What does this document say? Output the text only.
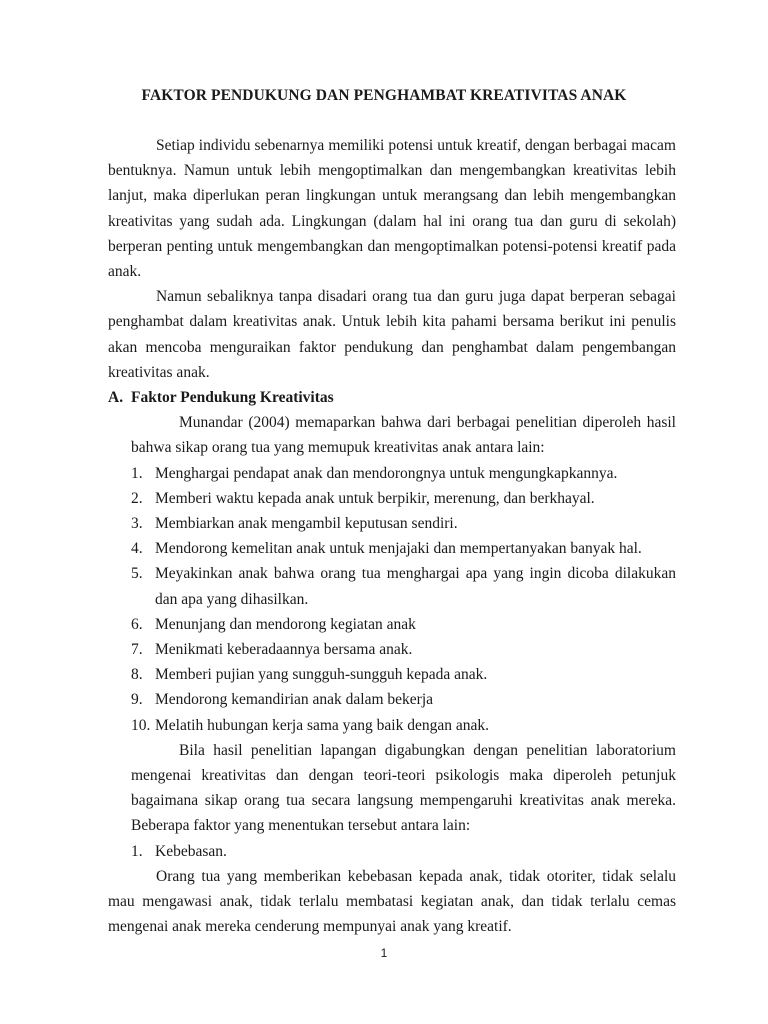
FAKTOR PENDUKUNG DAN PENGHAMBAT KREATIVITAS ANAK

Setiap individu sebenarnya memiliki potensi untuk kreatif, dengan berbagai macam bentuknya. Namun untuk lebih mengoptimalkan dan mengembangkan kreativitas lebih lanjut, maka diperlukan peran lingkungan untuk merangsang dan lebih mengembangkan kreativitas yang sudah ada. Lingkungan (dalam hal ini orang tua dan guru di sekolah) berperan penting untuk mengembangkan dan mengoptimalkan potensi-potensi kreatif pada anak.

Namun sebaliknya tanpa disadari orang tua dan guru juga dapat berperan sebagai penghambat dalam kreativitas anak. Untuk lebih kita pahami bersama berikut ini penulis akan mencoba menguraikan faktor pendukung dan penghambat dalam pengembangan kreativitas anak.

A. Faktor Pendukung Kreativitas

Munandar (2004) memaparkan bahwa dari berbagai penelitian diperoleh hasil bahwa sikap orang tua yang memupuk kreativitas anak antara lain:

1. Menghargai pendapat anak dan mendorongnya untuk mengungkapkannya.
2. Memberi waktu kepada anak untuk berpikir, merenung, dan berkhayal.
3. Membiarkan anak mengambil keputusan sendiri.
4. Mendorong kemelitan anak untuk menjajaki dan mempertanyakan banyak hal.
5. Meyakinkan anak bahwa orang tua menghargai apa yang ingin dicoba dilakukan dan apa yang dihasilkan.
6. Menunjang dan mendorong kegiatan anak
7. Menikmati keberadaannya bersama anak.
8. Memberi pujian yang sungguh-sungguh kepada anak.
9. Mendorong kemandirian anak dalam bekerja
10. Melatih hubungan kerja sama yang baik dengan anak.

Bila hasil penelitian lapangan digabungkan dengan penelitian laboratorium mengenai kreativitas dan dengan teori-teori psikologis maka diperoleh petunjuk bagaimana sikap orang tua secara langsung mempengaruhi kreativitas anak mereka. Beberapa faktor yang menentukan tersebut antara lain:

1. Kebebasan.

Orang tua yang memberikan kebebasan kepada anak, tidak otoriter, tidak selalu mau mengawasi anak, tidak terlalu membatasi kegiatan anak, dan tidak terlalu cemas mengenai anak mereka cenderung mempunyai anak yang kreatif.

1
